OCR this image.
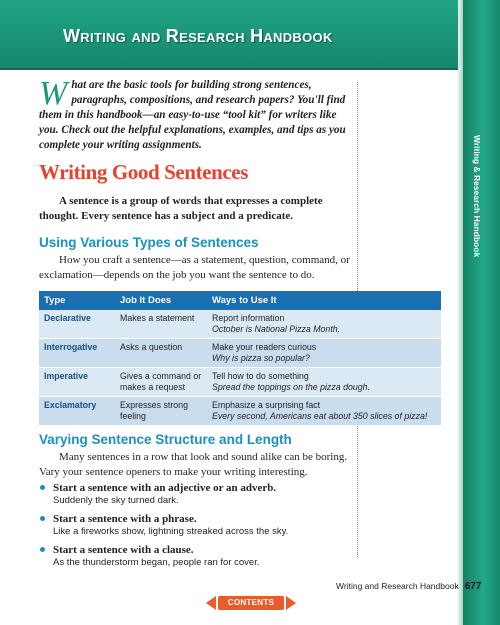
Writing and Research Handbook
Writing & Research Handbook
What are the basic tools for building strong sentences, paragraphs, compositions, and research papers? You'll find them in this handbook—an easy-to-use “tool kit” for writers like you. Check out the helpful explanations, examples, and tips as you complete your writing assignments.
Writing Good Sentences
A sentence is a group of words that expresses a complete thought. Every sentence has a subject and a predicate.
Using Various Types of Sentences
How you craft a sentence—as a statement, question, command, or exclamation—depends on the job you want the sentence to do.
Type	Job It Does	Ways to Use It
Declarative	Makes a statement	Report information
October is National Pizza Month.

Interrogative	Asks a question	Make your readers curious
Why is pizza so popular?

Imperative	Gives a command or makes a request	Tell how to do something
Spread the toppings on the pizza dough.

Exclamatory	Expresses strong feeling	Emphasize a surprising fact
Every second, Americans eat about 350 slices of pizza!
Varying Sentence Structure and Length
Many sentences in a row that look and sound alike can be boring. Vary your sentence openers to make your writing interesting.
Start a sentence with an adjective or an adverb.
Suddenly the sky turned dark.
Start a sentence with a phrase.
Like a fireworks show, lightning streaked across the sky.
Start a sentence with a clause.
As the thunderstorm began, people ran for cover.
Writing and Research Handbook 677
CONTENTS
